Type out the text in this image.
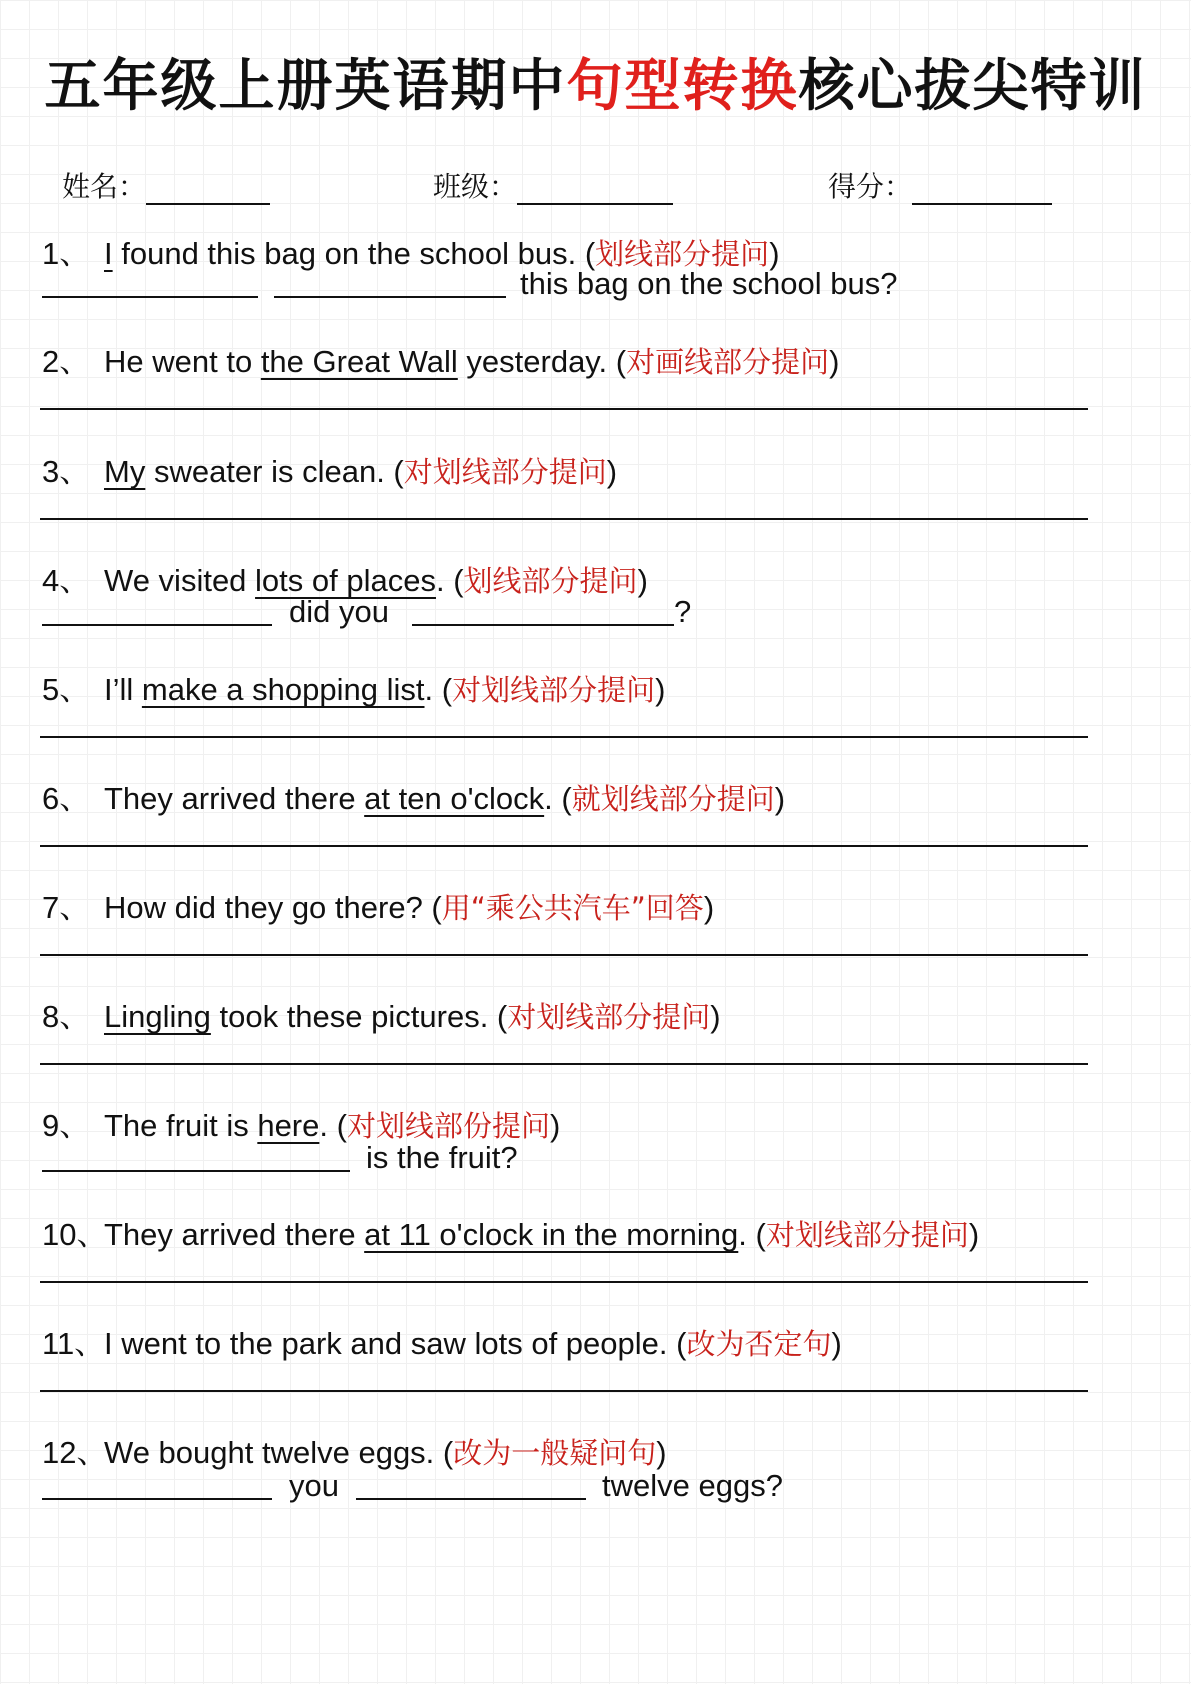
五年级上册英语期中句型转换核心拔尖特训
姓名：	班级：	得分：
1、 I found this bag on the school bus. (划线部分提问)
this bag on the school bus?
2、 He went to the Great Wall yesterday. (对画线部分提问)
3、 My sweater is clean. (对划线部分提问)
4、 We visited lots of places. (划线部分提问)
did you	?
5、 I’ll make a shopping list. (对划线部分提问)
6、 They arrived there at ten o'clock. (就划线部分提问)
7、 How did they go there? (用“乘公共汽车”回答)
8、 Lingling took these pictures. (对划线部分提问)
9、 The fruit is here. (对划线部份提问)
is the fruit?
10、They arrived there at 11 o'clock in the morning. (对划线部分提问)
11、I went to the park and saw lots of people. (改为否定句)
12、We bought twelve eggs. (改为一般疑问句)
you	twelve eggs?
